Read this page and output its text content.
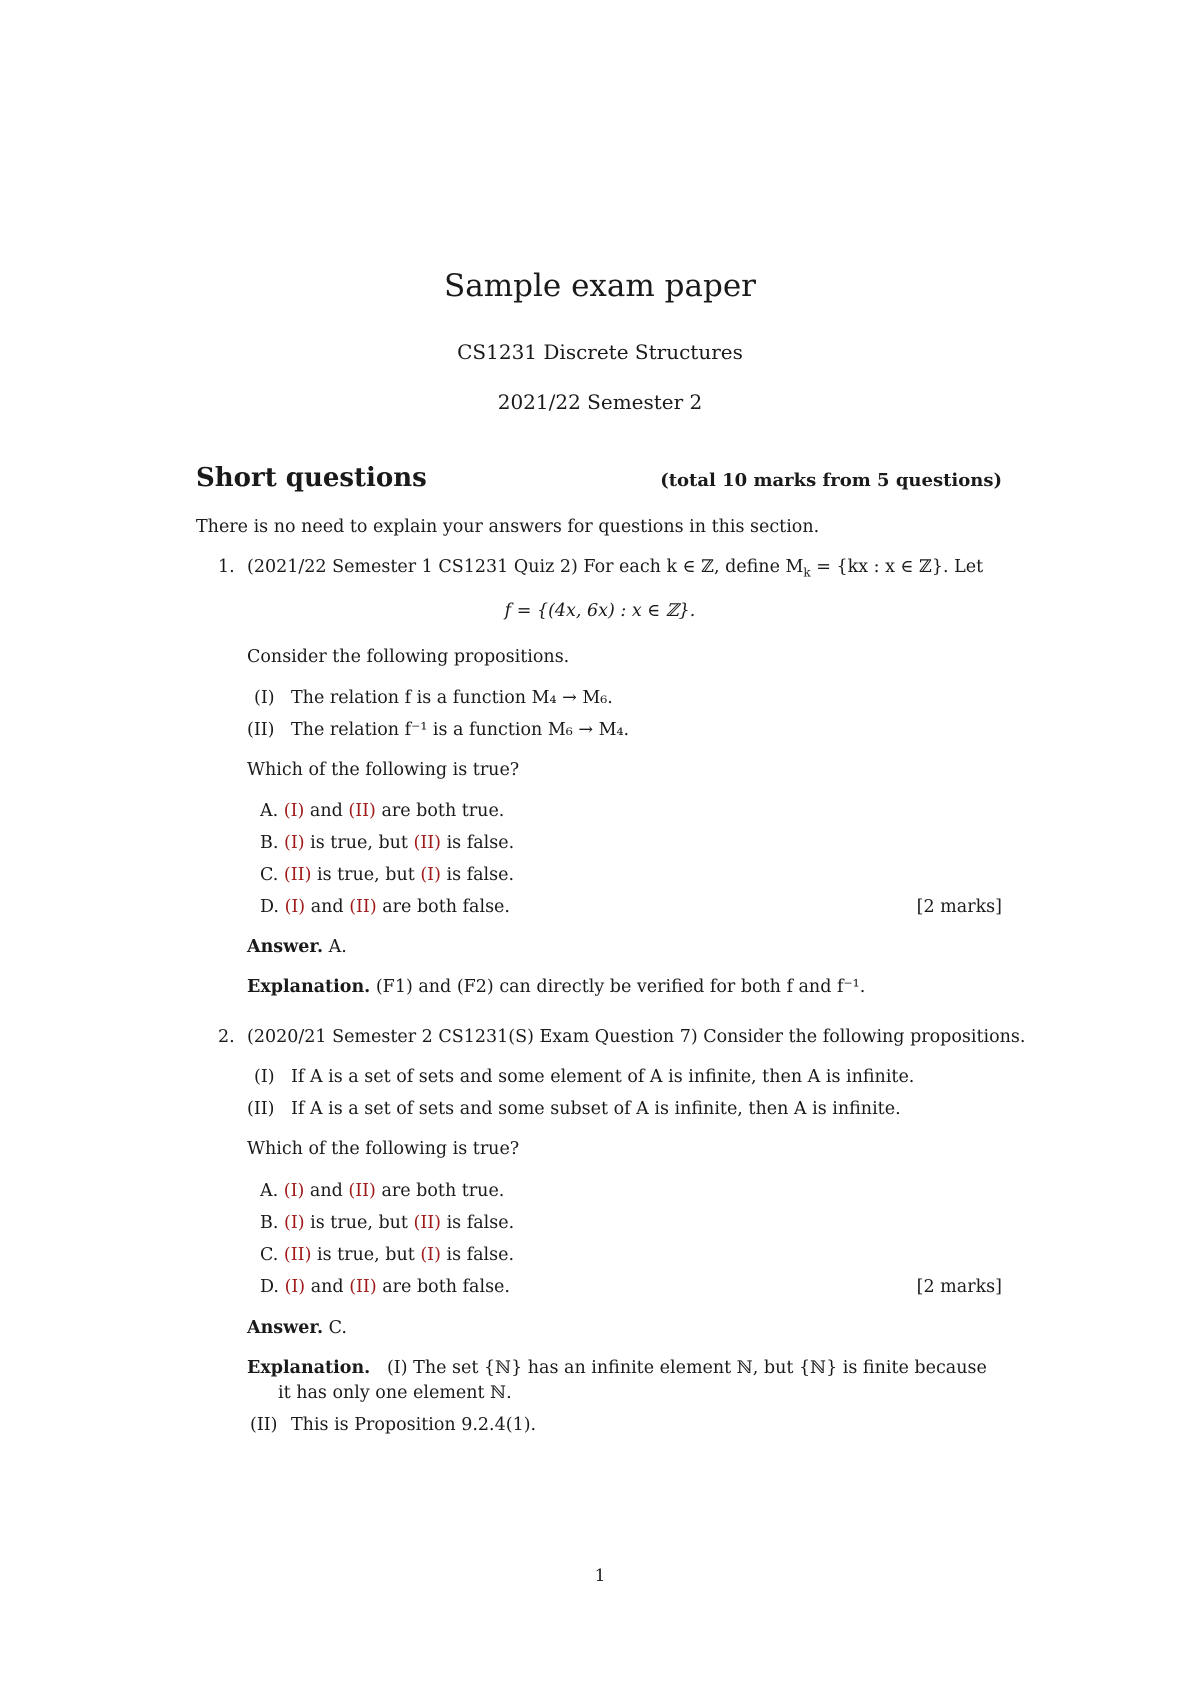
Sample exam paper
CS1231 Discrete Structures
2021/22 Semester 2
Short questions	(total 10 marks from 5 questions)
There is no need to explain your answers for questions in this section.
1. (2021/22 Semester 1 CS1231 Quiz 2) For each k ∈ ℤ, define $M_k = \{kx$ : x ∈ ℤ}. Let
f = {(4x, 6x) : x ∈ ℤ}.
Consider the following propositions.
(I) The relation f is a function M₄ → M₆.
(II) The relation f⁻¹ is a function M₆ → M₄.
Which of the following is true?
A. (I) and (II) are both true.
B. (I) is true, but (II) is false.
C. (II) is true, but (I) is false.
D. (I) and (II) are both false.	[2 marks]
Answer. A.
Explanation. (F1) and (F2) can directly be verified for both f and f⁻¹.
2. (2020/21 Semester 2 CS1231(S) Exam Question 7) Consider the following propositions.
(I) If A is a set of sets and some element of A is infinite, then A is infinite.
(II) If A is a set of sets and some subset of A is infinite, then A is infinite.
Which of the following is true?
A. (I) and (II) are both true.
B. (I) is true, but (II) is false.
C. (II) is true, but (I) is false.
D. (I) and (II) are both false.	[2 marks]
Answer. C.
Explanation. (I) The set {ℕ} has an infinite element ℕ, but {ℕ} is finite because
it has only one element ℕ.
(II) This is Proposition 9.2.4(1).
1
